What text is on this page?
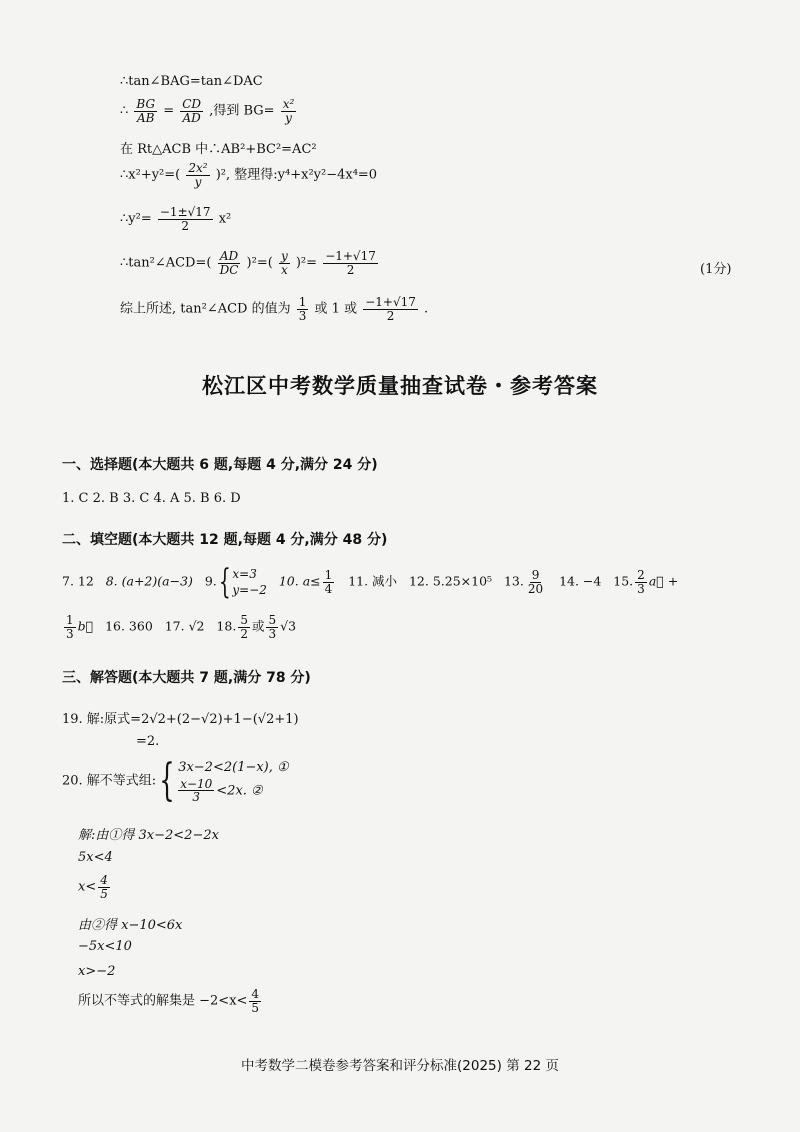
∴tan∠BAG=tan∠DAC
∴ $\frac{BG}{AB} = \frac{CD}{AD}$ ,得到 $BG= \frac{\text{x²}}{y}$
在 Rt△ACB 中∴AB²+BC²=AC²
∴x²+y²=( $\frac{\text{2x²}}{y} )^2$, 整理得:y⁴+x²y²−4x⁴=0
∴y²= $\frac{-1\pm√17}{2} x^2$
∴tan²∠ACD=( $\frac{AD}{DC} )^2=( \frac{y}{x} )^2= \frac{-1+√17}{2}$	(1分)
综上所述, tan²∠ACD 的值为 $\frac{1}{3}$ 或 1 或 $\frac{-1+√17}{2}$ .
松江区中考数学质量抽查试卷・参考答案
一、选择题(本大题共 6 题,每题 4 分,满分 24 分)
1. C 2. B 3. C 4. A 5. B 6. D
二、填空题(本大题共 12 题,每题 4 分,满分 48 分)
7. 12 8. (a+2)(a−3) 9.{ x=3
y=−2
10. $a\le \frac{1}{4} 11$. 减小 12. 5.25×10⁵ 13. $\frac{9}{20} 14$. −4 15. $\frac{2}{3}$ a⃗ +
$\frac{1}{3}$ b⃗ 16. 360 17. √2 18. $\frac{5}{2}$ 或 $\frac{5}{3} √3$
三、解答题(本大题共 7 题,满分 78 分)
19. 解:原式=2√2+(2−√2)+1−(√2+1)
=2.
20. 解不等式组:{ 3x−2<2(1−x), ①
$\frac{x-10}{3} <2x$. ②
解:由①得 3x−2<2−2x
5x<4
$x< \frac{4}{5}$
由②得 x−10<6x
−5x<10
x>−2
所以不等式的解集是 $-2<x< \frac{4}{5}$
中考数学二模卷参考答案和评分标准(2025) 第 22 页
